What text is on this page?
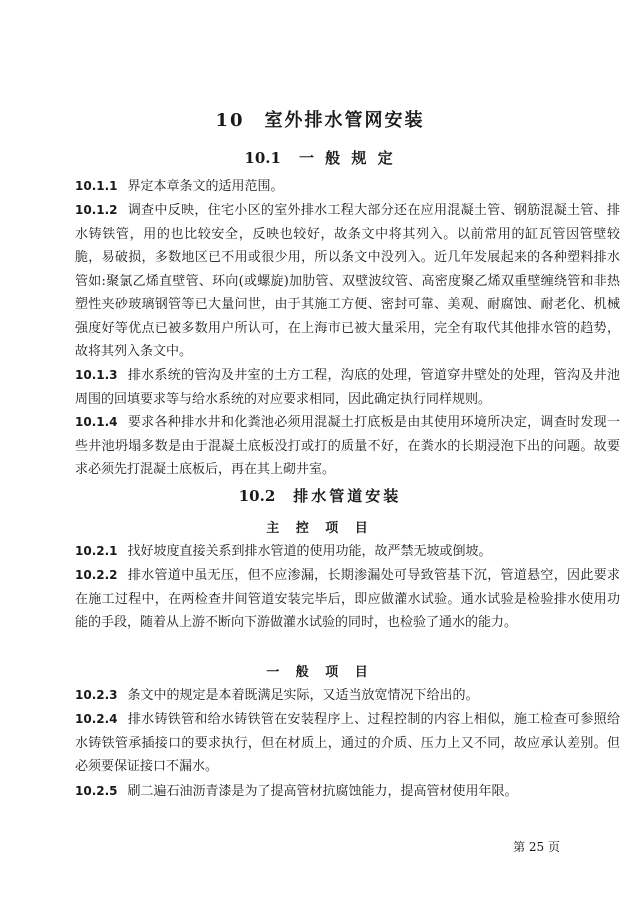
10 室外排水管网安装
10.1 一 般 规 定
10.1.1 界定本章条文的适用范围。
10.1.2 调查中反映，住宅小区的室外排水工程大部分还在应用混凝土管、钢筋混凝土管、排水铸铁管，用的也比较安全，反映也较好，故条文中将其列入。以前常用的缸瓦管因管壁较脆，易破损，多数地区已不用或很少用，所以条文中没列入。近几年发展起来的各种塑料排水管如:聚氯乙烯直壁管、环向(或螺旋)加肋管、双壁波纹管、高密度聚乙烯双重壁缠绕管和非热塑性夹砂玻璃钢管等已大量问世，由于其施工方便、密封可靠、美观、耐腐蚀、耐老化、机械强度好等优点已被多数用户所认可，在上海市已被大量采用，完全有取代其他排水管的趋势，故将其列入条文中。
10.1.3 排水系统的管沟及井室的土方工程，沟底的处理，管道穿井壁处的处理，管沟及井池周围的回填要求等与给水系统的对应要求相同，因此确定执行同样规则。
10.1.4 要求各种排水井和化粪池必须用混凝土打底板是由其使用环境所决定，调查时发现一些井池坍塌多数是由于混凝土底板没打或打的质量不好，在粪水的长期浸泡下出的问题。故要求必须先打混凝土底板后，再在其上砌井室。
10.2 排水管道安装
主 控 项 目
10.2.1 找好坡度直接关系到排水管道的使用功能，故严禁无坡或倒坡。
10.2.2 排水管道中虽无压，但不应渗漏，长期渗漏处可导致管基下沉，管道悬空，因此要求在施工过程中，在两检查井间管道安装完毕后，即应做灌水试验。通水试验是检验排水使用功能的手段，随着从上游不断向下游做灌水试验的同时，也检验了通水的能力。
一 般 项 目
10.2.3 条文中的规定是本着既满足实际，又适当放宽情况下给出的。
10.2.4 排水铸铁管和给水铸铁管在安装程序上、过程控制的内容上相似，施工检查可参照给水铸铁管承插接口的要求执行，但在材质上，通过的介质、压力上又不同，故应承认差别。但必须要保证接口不漏水。
10.2.5 刷二遍石油沥青漆是为了提高管材抗腐蚀能力，提高管材使用年限。
第 25 页
